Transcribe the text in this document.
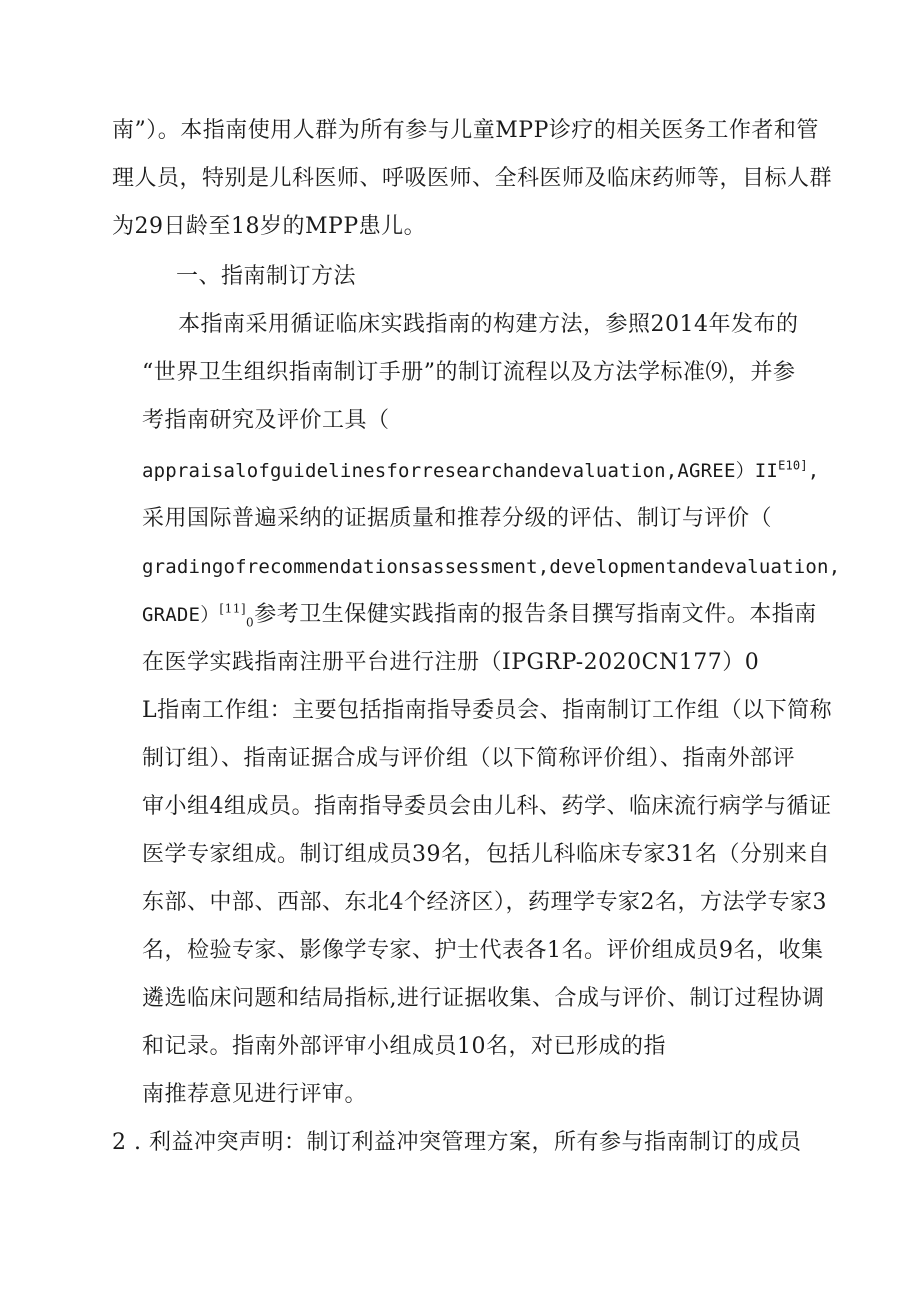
南”）。本指南使用人群为所有参与儿童MPP诊疗的相关医务工作者和管
理人员，特别是儿科医师、呼吸医师、全科医师及临床药师等，目标人群
为29日龄至18岁的MPP患儿。
一、指南制订方法
本指南采用循证临床实践指南的构建方法，参照2014年发布的
“世界卫生组织指南制订手册”的制订流程以及方法学标准⑼，并参
考指南研究及评价工具（
$appraisalofguidelinesforresearchandevaluation,AGREE)II^{E10]}$,
采用国际普遍采纳的证据质量和推荐分级的评估、制订与评价（
gradingofrecommendationsassessment,developmentandevaluation,
$GRADE)[11]_0$参考卫生保健实践指南的报告条目撰写指南文件。本指南
在医学实践指南注册平台进行注册（IPGRP-2020CN177）0
L指南工作组：主要包括指南指导委员会、指南制订工作组（以下简称
制订组）、指南证据合成与评价组（以下简称评价组）、指南外部评
审小组4组成员。指南指导委员会由儿科、药学、临床流行病学与循证
医学专家组成。制订组成员39名，包括儿科临床专家31名（分别来自
东部、中部、西部、东北4个经济区），药理学专家2名，方法学专家3
名，检验专家、影像学专家、护士代表各1名。评价组成员9名，收集
遴选临床问题和结局指标,进行证据收集、合成与评价、制订过程协调
和记录。指南外部评审小组成员10名，对已形成的指
南推荐意见进行评审。
2 . 利益冲突声明：制订利益冲突管理方案，所有参与指南制订的成员
